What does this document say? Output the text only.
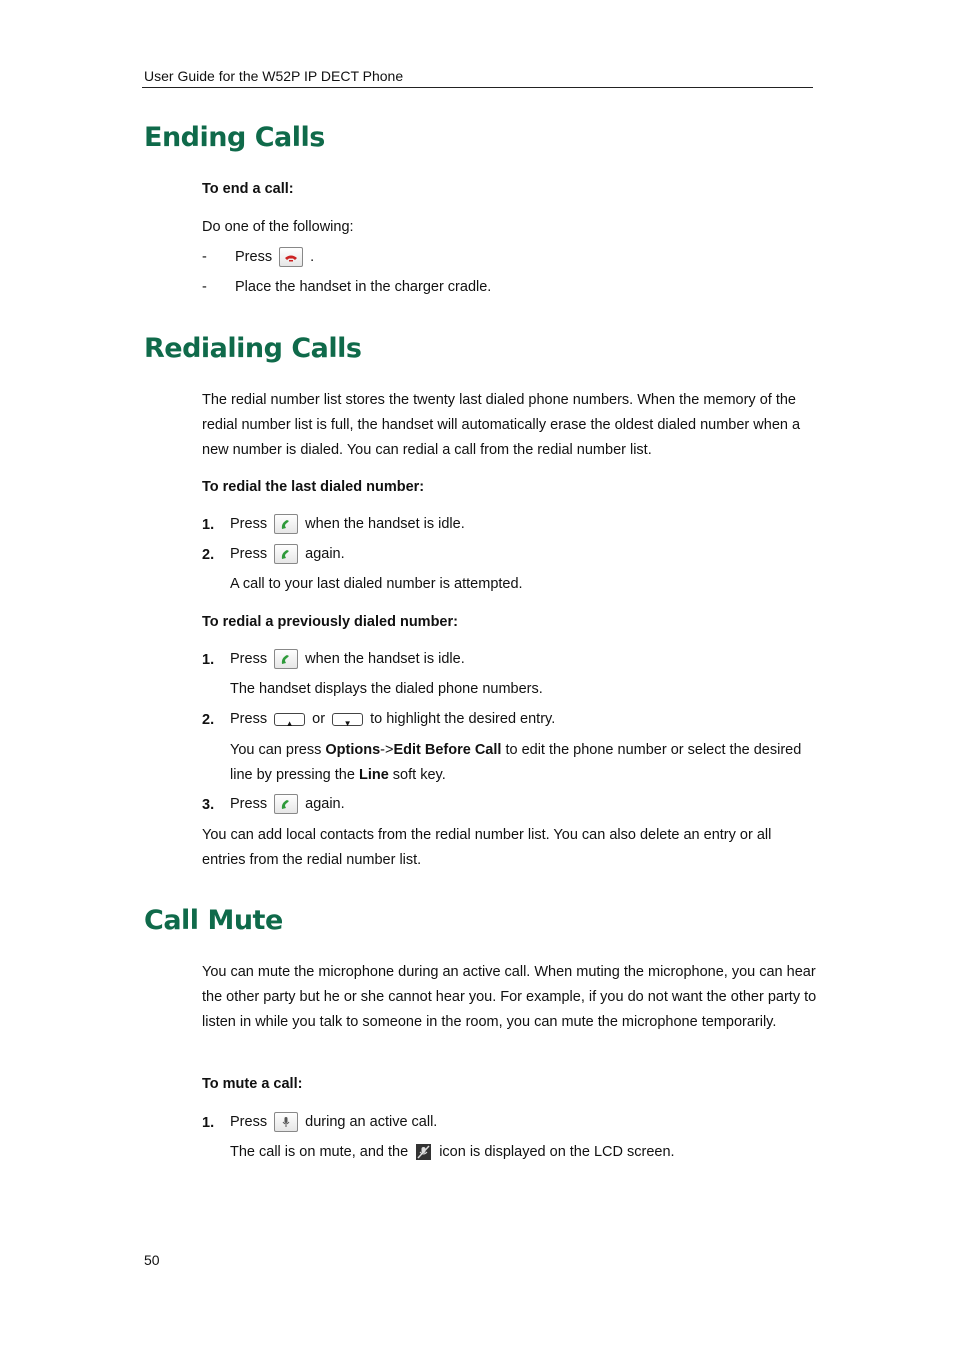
User Guide for the W52P IP DECT Phone
Ending Calls
To end a call:
Do one of the following:
- Press	.
- Place the handset in the charger cradle.
Redialing Calls
The redial number list stores the twenty last dialed phone numbers. When the memory of the redial number list is full, the handset will automatically erase the oldest dialed number when a new number is dialed. You can redial a call from the redial number list.
To redial the last dialed number:
1. Press	when the handset is idle.
2. Press	again.
A call to your last dialed number is attempted.
To redial a previously dialed number:
1. Press	when the handset is idle.
The handset displays the dialed phone numbers.
2. Press	▲	or	▼	to highlight the desired entry.
You can press Options->Edit Before Call to edit the phone number or select the desired line by pressing the Line soft key.
3. Press	again.
You can add local contacts from the redial number list. You can also delete an entry or all entries from the redial number list.
Call Mute
You can mute the microphone during an active call. When muting the microphone, you can hear the other party but he or she cannot hear you. For example, if you do not want the other party to listen in while you talk to someone in the room, you can mute the microphone temporarily.
To mute a call:
1. Press	during an active call.
The call is on mute, and the icon is displayed on the LCD screen.
50
